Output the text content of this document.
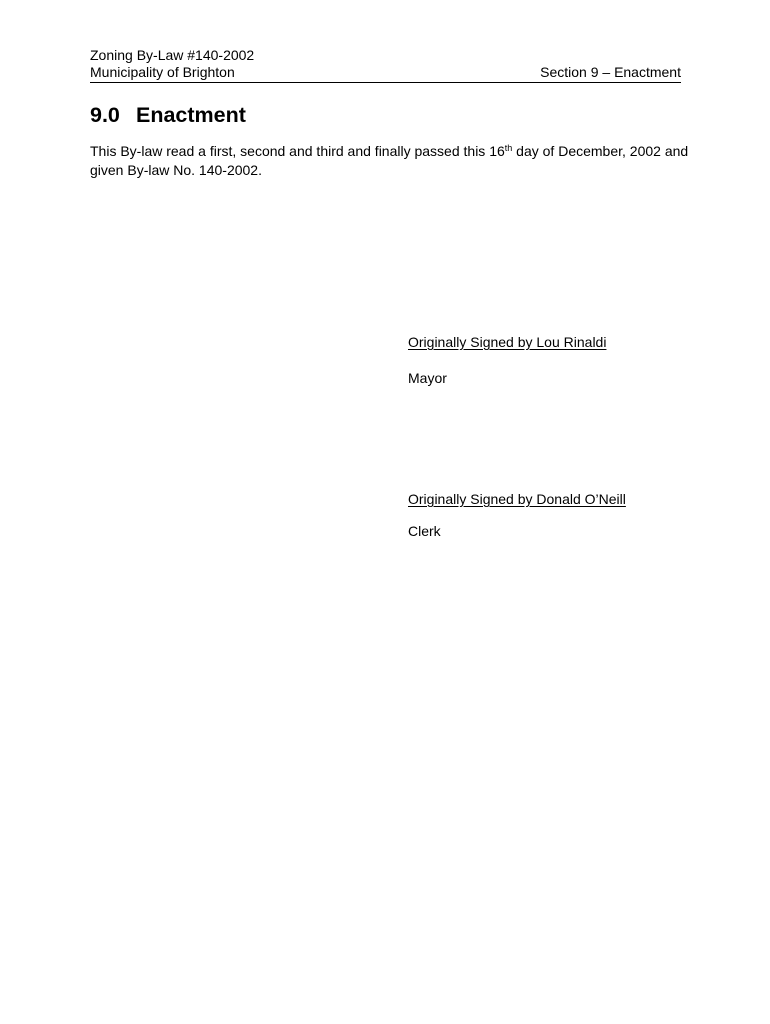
Zoning By-Law #140-2002
Municipality of Brighton	Section 9 – Enactment
9.0 Enactment

This By-law read a first, second and third and finally passed this 16th day of December, 2002 and given By-law No. 140-2002.

Originally Signed by Lou Rinaldi
Mayor
Originally Signed by Donald O’Neill
Clerk
